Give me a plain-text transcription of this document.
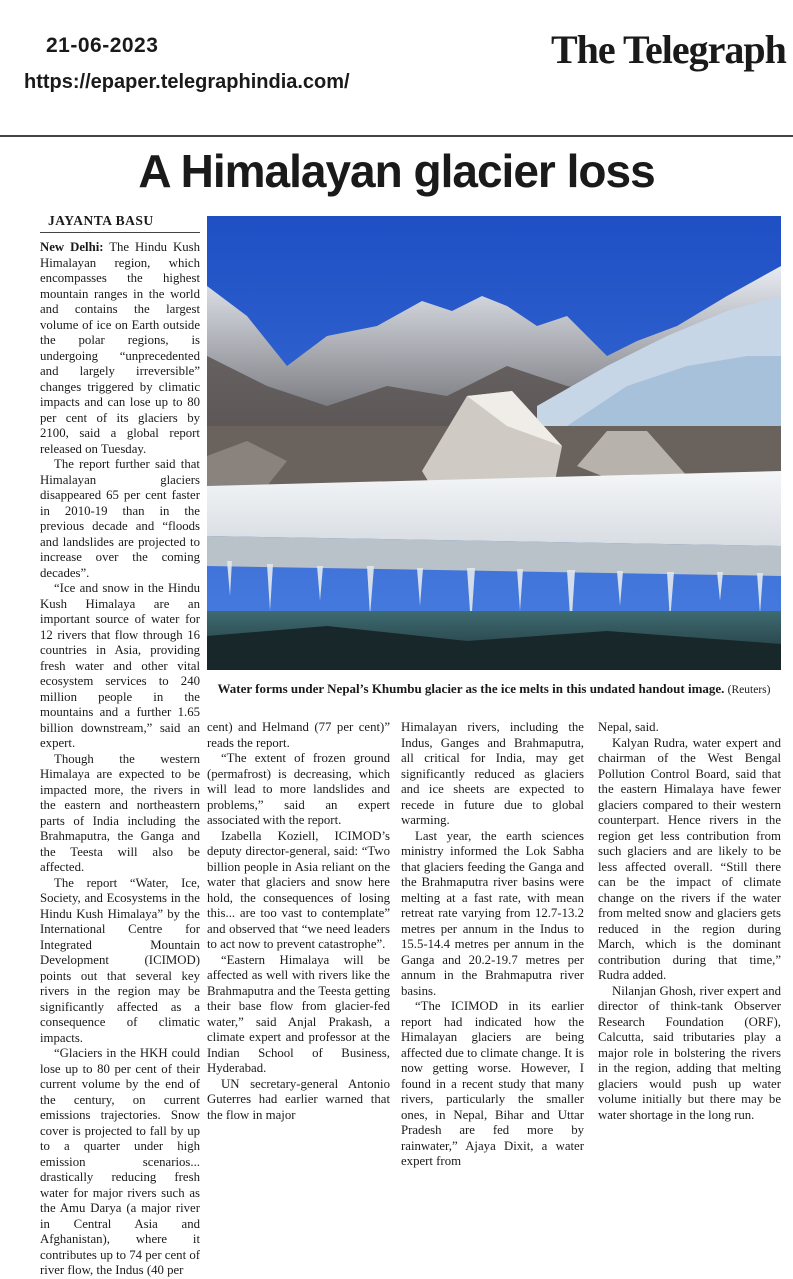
21-06-2023
https://epaper.telegraphindia.com/
The Telegraph
A Himalayan glacier loss
JAYANTA BASU

New Delhi: The Hindu Kush Himalayan region, which encompasses the highest mountain ranges in the world and contains the largest volume of ice on Earth outside the polar regions, is undergoing “unprecedented and largely irreversible” changes triggered by climatic impacts and can lose up to 80 per cent of its glaciers by 2100, said a global report released on Tuesday.

The report further said that Himalayan glaciers disappeared 65 per cent faster in 2010-19 than in the previous decade and “floods and landslides are projected to increase over the coming decades”.

“Ice and snow in the Hindu Kush Himalaya are an important source of water for 12 rivers that flow through 16 countries in Asia, providing fresh water and other vital ecosystem services to 240 million people in the mountains and a further 1.65 billion downstream,” said an expert.

Though the western Himalaya are expected to be impacted more, the rivers in the eastern and northeastern parts of India including the Brahmaputra, the Ganga and the Teesta will also be affected.

The report “Water, Ice, Society, and Ecosystems in the Hindu Kush Himalaya” by the International Centre for Integrated Mountain Development (ICIMOD) points out that several key rivers in the region may be significantly affected as a consequence of climatic impacts.

“Glaciers in the HKH could lose up to 80 per cent of their current volume by the end of the century, on current emissions trajectories. Snow cover is projected to fall by up to a quarter under high emission scenarios... drastically reducing fresh water for major rivers such as the Amu Darya (a major river in Central Asia and Afghanistan), where it contributes up to 74 per cent of river flow, the Indus (40 per

Water forms under Nepal’s Khumbu glacier as the ice melts in this undated handout image. (Reuters)

cent) and Helmand (77 per cent)” reads the report.

“The extent of frozen ground (permafrost) is decreasing, which will lead to more landslides and problems,” said an expert associated with the report.

Izabella Koziell, ICIMOD’s deputy director-general, said: “Two billion people in Asia reliant on the water that glaciers and snow here hold, the consequences of losing this... are too vast to contemplate” and observed that “we need leaders to act now to prevent catastrophe”.

“Eastern Himalaya will be affected as well with rivers like the Brahmaputra and the Teesta getting their base flow from glacier-fed water,” said Anjal Prakash, a climate expert and professor at the Indian School of Business, Hyderabad.

UN secretary-general Antonio Guterres had earlier warned that the flow in major

Himalayan rivers, including the Indus, Ganges and Brahmaputra, all critical for India, may get significantly reduced as glaciers and ice sheets are expected to recede in future due to global warming.

Last year, the earth sciences ministry informed the Lok Sabha that glaciers feeding the Ganga and the Brahmaputra river basins were melting at a fast rate, with mean retreat rate varying from 12.7-13.2 metres per annum in the Indus to 15.5-14.4 metres per annum in the Ganga and 20.2-19.7 metres per annum in the Brahmaputra river basins.

“The ICIMOD in its earlier report had indicated how the Himalayan glaciers are being affected due to climate change. It is now getting worse. However, I found in a recent study that many rivers, particularly the smaller ones, in Nepal, Bihar and Uttar Pradesh are fed more by rainwater,” Ajaya Dixit, a water expert from

Nepal, said.

Kalyan Rudra, water expert and chairman of the West Bengal Pollution Control Board, said that the eastern Himalaya have fewer glaciers compared to their western counterpart. Hence rivers in the region get less contribution from such glaciers and are likely to be less affected overall. “Still there can be the impact of climate change on the rivers if the water from melted snow and glaciers gets reduced in the region during March, which is the dominant contribution during that time,” Rudra added.

Nilanjan Ghosh, river expert and director of think-tank Observer Research Foundation (ORF), Calcutta, said tributaries play a major role in bolstering the rivers in the region, adding that melting glaciers would push up water volume initially but there may be water shortage in the long run.
